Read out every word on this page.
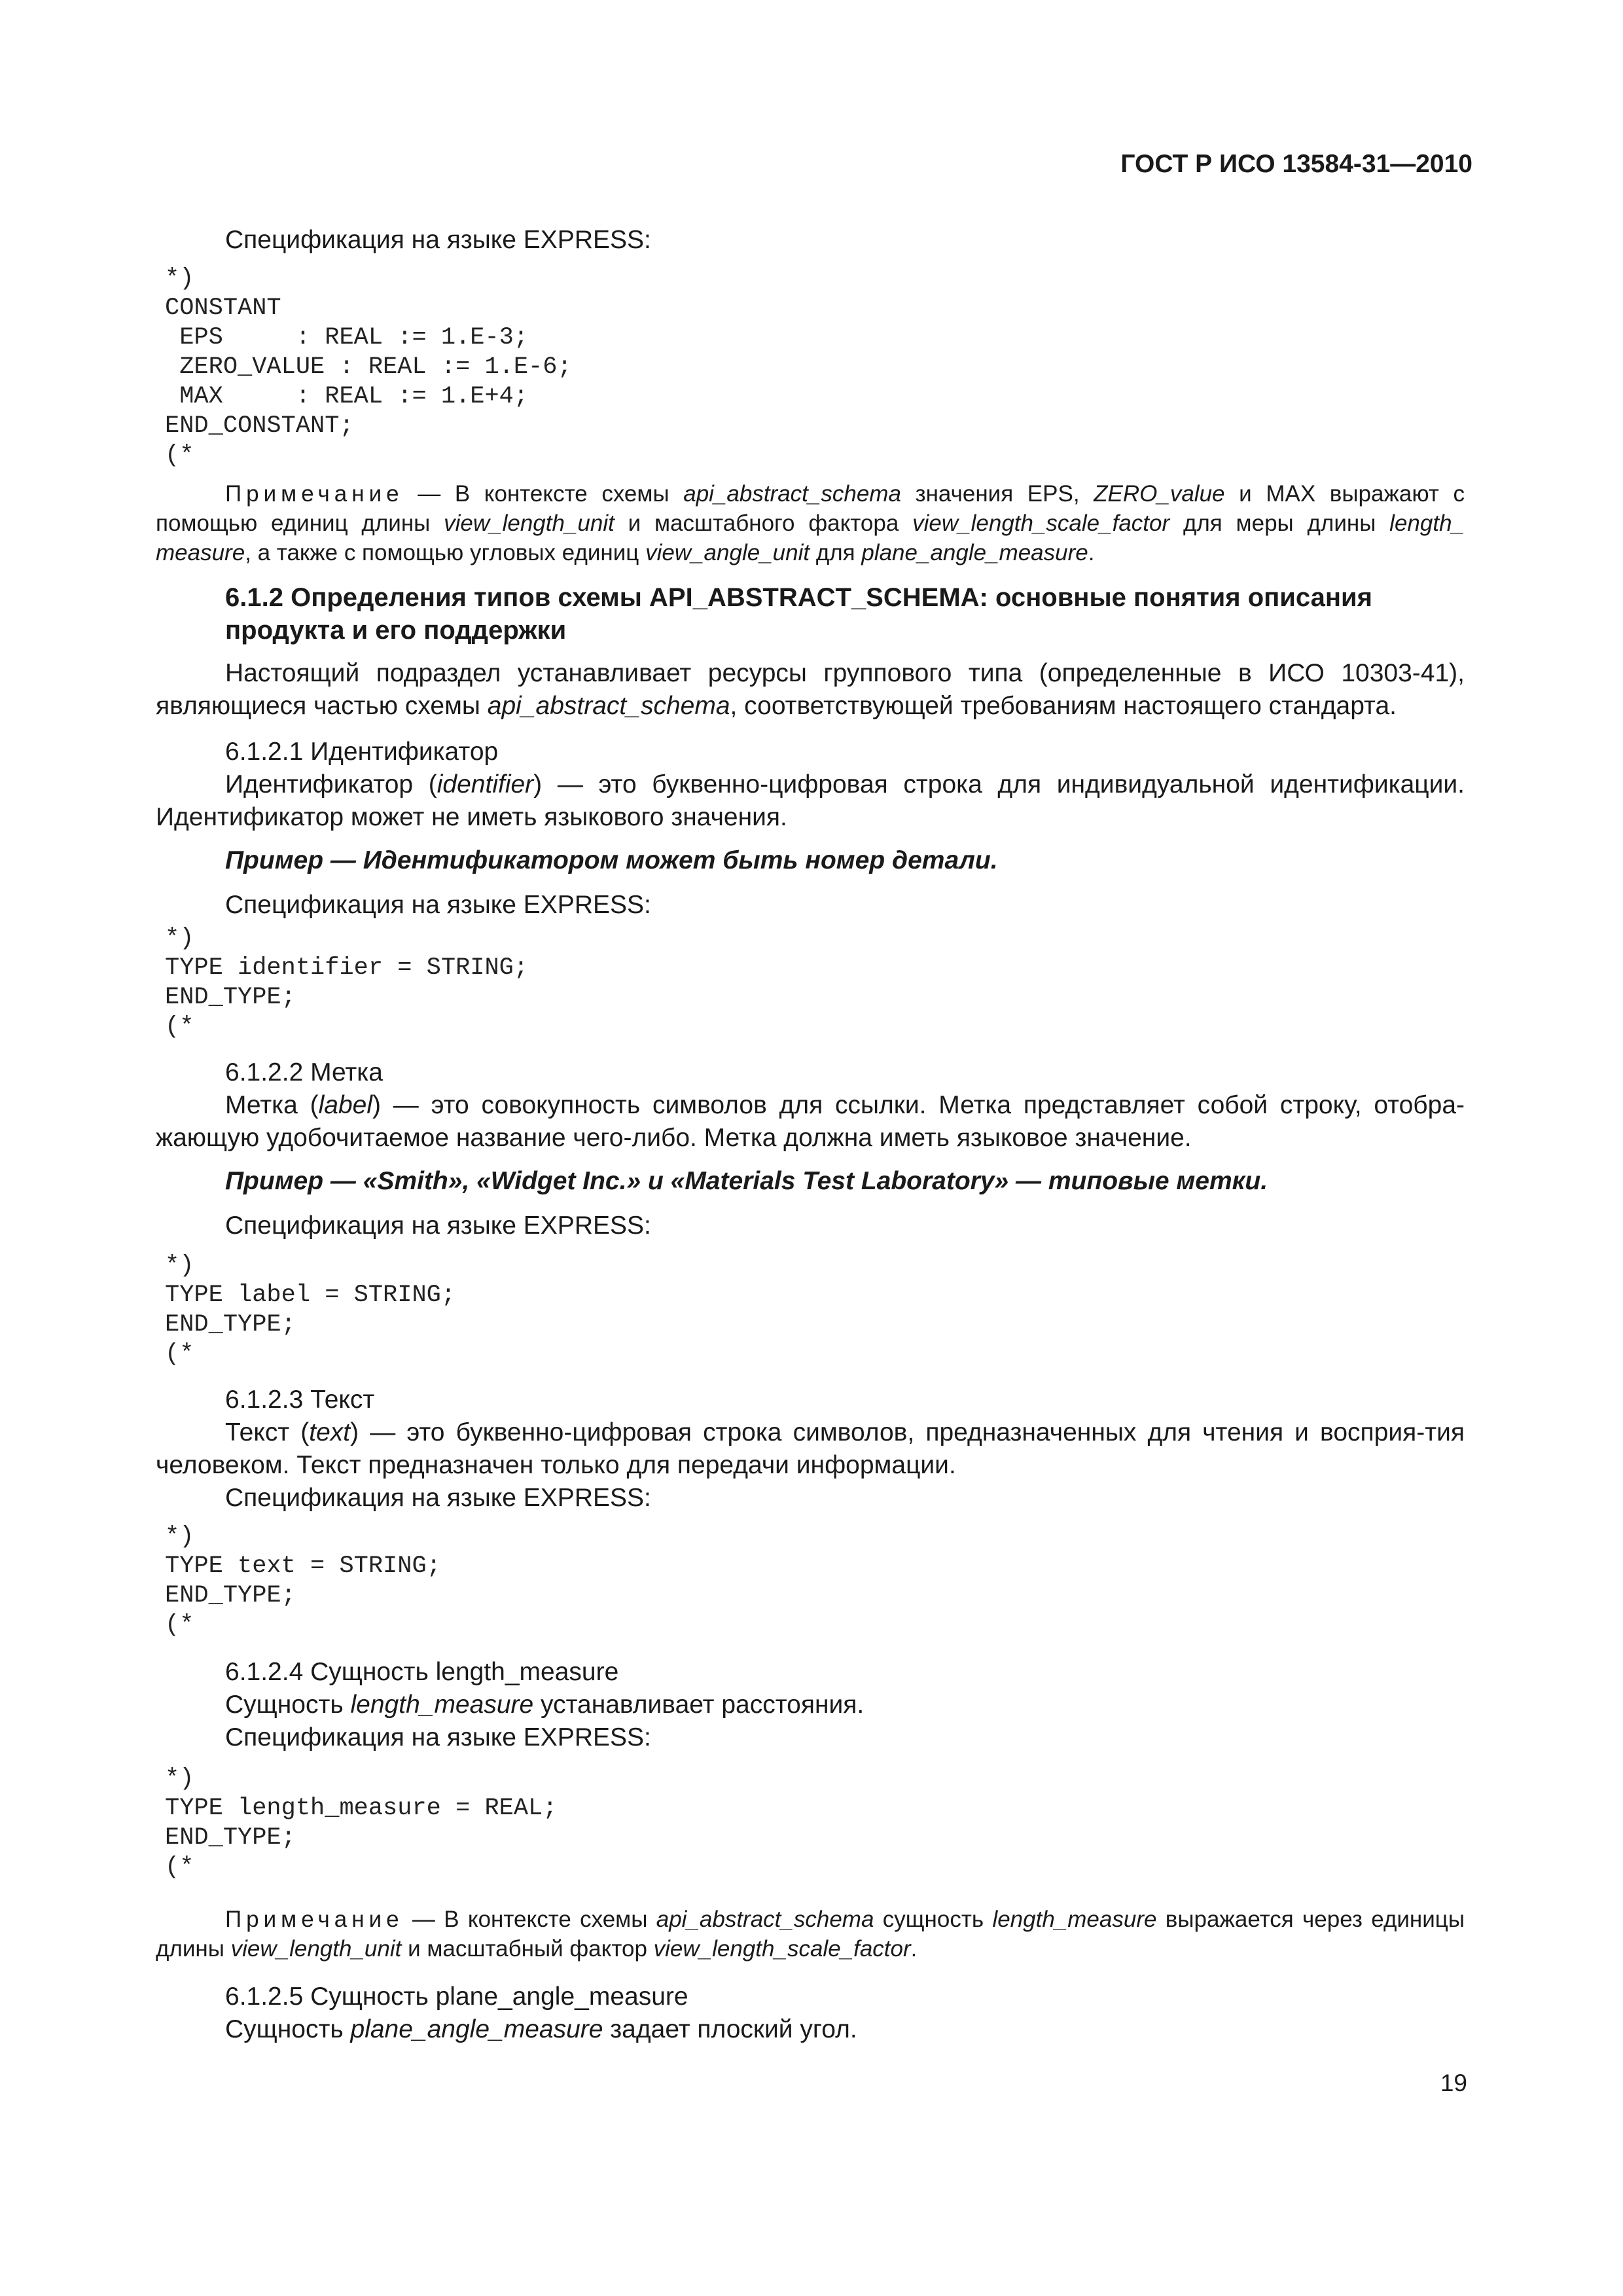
ГОСТ Р ИСО 13584-31—2010

Спецификация на языке EXPRESS:

*)
CONSTANT
EPS     : REAL := 1.E-3;
ZERO_VALUE : REAL := 1.E-6;
MAX     : REAL := 1.E+4;
END_CONSTANT;
(*

Примечание — В контексте схемы api_abstract_schema значения EPS, ZERO_value и MAX выражают с помощью единиц длины view_length_unit и масштабного фактора view_length_scale_factor для меры длины length_ measure, а также с помощью угловых единиц view_angle_unit для plane_angle_measure.

6.1.2 Определения типов схемы API_ABSTRACT_SCHEMA: основные понятия описания продукта и его поддержки

Настоящий подраздел устанавливает ресурсы группового типа (определенные в ИСО 10303-41), являющиеся частью схемы api_abstract_schema, соответствующей требованиям настоящего стандарта.

6.1.2.1 Идентификатор

Идентификатор (identifier) — это буквенно-цифровая строка для индивидуальной идентификации. Идентификатор может не иметь языкового значения.

Пример — Идентификатором может быть номер детали.

Спецификация на языке EXPRESS:

*)
TYPE identifier = STRING;
END_TYPE;
(*

6.1.2.2 Метка

Метка (label) — это совокупность символов для ссылки. Метка представляет собой строку, отобра-жающую удобочитаемое название чего-либо. Метка должна иметь языковое значение.

Пример — «Smith», «Widget Inc.» и «Materials Test Laboratory» — типовые метки.

Спецификация на языке EXPRESS:

*)
TYPE label = STRING;
END_TYPE;
(*

6.1.2.3 Текст

Текст (text) — это буквенно-цифровая строка символов, предназначенных для чтения и восприя-тия человеком. Текст предназначен только для передачи информации.

Спецификация на языке EXPRESS:

*)
TYPE text = STRING;
END_TYPE;
(*

6.1.2.4 Сущность length_measure

Сущность length_measure устанавливает расстояния.

Спецификация на языке EXPRESS:

*)
TYPE length_measure = REAL;
END_TYPE;
(*

Примечание — В контексте схемы api_abstract_schema сущность length_measure выражается через единицы длины view_length_unit и масштабный фактор view_length_scale_factor.

6.1.2.5 Сущность plane_angle_measure

Сущность plane_angle_measure задает плоский угол.

19
